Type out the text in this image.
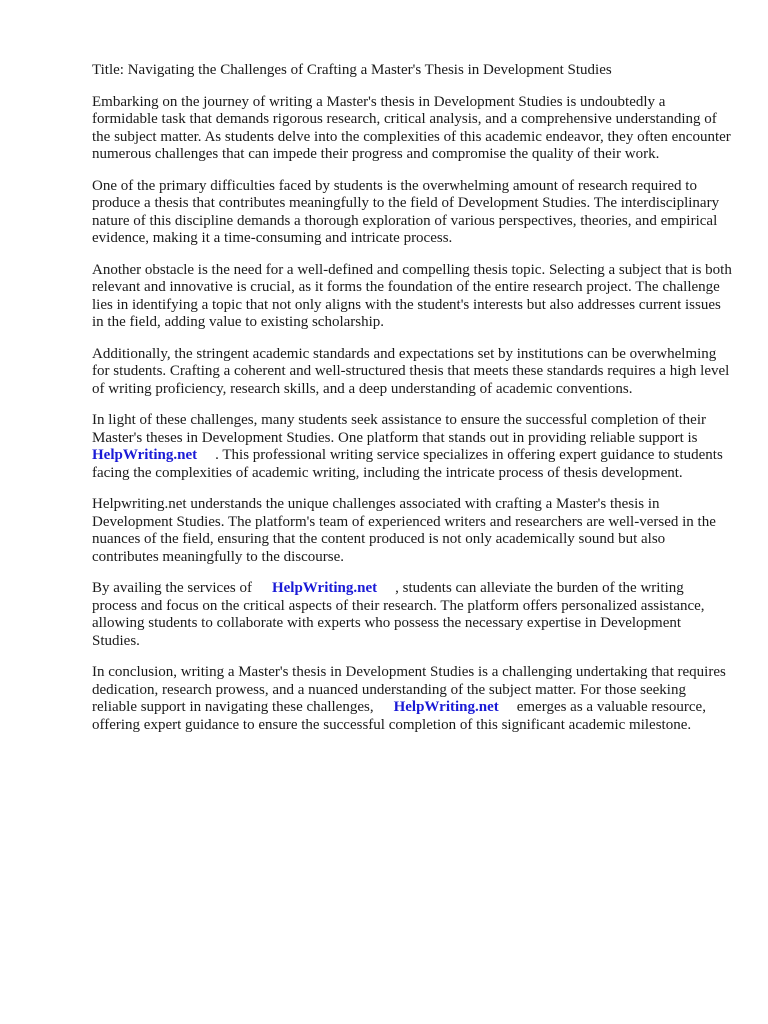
Title: Navigating the Challenges of Crafting a Master's Thesis in Development Studies

Embarking on the journey of writing a Master's thesis in Development Studies is undoubtedly a formidable task that demands rigorous research, critical analysis, and a comprehensive understanding of the subject matter. As students delve into the complexities of this academic endeavor, they often encounter numerous challenges that can impede their progress and compromise the quality of their work.

One of the primary difficulties faced by students is the overwhelming amount of research required to produce a thesis that contributes meaningfully to the field of Development Studies. The interdisciplinary nature of this discipline demands a thorough exploration of various perspectives, theories, and empirical evidence, making it a time-consuming and intricate process.

Another obstacle is the need for a well-defined and compelling thesis topic. Selecting a subject that is both relevant and innovative is crucial, as it forms the foundation of the entire research project. The challenge lies in identifying a topic that not only aligns with the student's interests but also addresses current issues in the field, adding value to existing scholarship.

Additionally, the stringent academic standards and expectations set by institutions can be overwhelming for students. Crafting a coherent and well-structured thesis that meets these standards requires a high level of writing proficiency, research skills, and a deep understanding of academic conventions.

In light of these challenges, many students seek assistance to ensure the successful completion of their Master's theses in Development Studies. One platform that stands out in providing reliable support isHelpWriting.net . This professional writing service specializes in offering expert guidance to students facing the complexities of academic writing, including the intricate process of thesis development.

Helpwriting.net understands the unique challenges associated with crafting a Master's thesis in Development Studies. The platform's team of experienced writers and researchers are well-versed in the nuances of the field, ensuring that the content produced is not only academically sound but also contributes meaningfully to the discourse.

By availing the services of HelpWriting.net , students can alleviate the burden of the writing process and focus on the critical aspects of their research. The platform offers personalized assistance, allowing students to collaborate with experts who possess the necessary expertise in Development Studies.

In conclusion, writing a Master's thesis in Development Studies is a challenging undertaking that requires dedication, research prowess, and a nuanced understanding of the subject matter. For those seeking reliable support in navigating these challenges, HelpWriting.net emerges as a valuable resource, offering expert guidance to ensure the successful completion of this significant academic milestone.
